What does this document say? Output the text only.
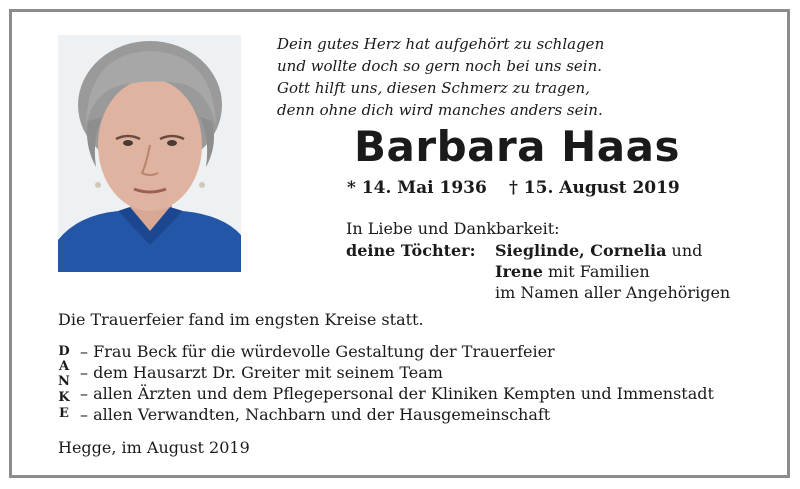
Dein gutes Herz hat aufgehört zu schlagen
und wollte doch so gern noch bei uns sein.
Gott hilft uns, diesen Schmerz zu tragen,
denn ohne dich wird manches anders sein.
Barbara Haas
* 14. Mai 1936 † 15. August 2019
In Liebe und Dankbarkeit:
deine Töchter: Sieglinde, Cornelia und
Irene mit Familien
im Namen aller Angehörigen
Die Trauerfeier fand im engsten Kreise statt.
D
A
N
K
E
– Frau Beck für die würdevolle Gestaltung der Trauerfeier
– dem Hausarzt Dr. Greiter mit seinem Team
– allen Ärzten und dem Pflegepersonal der Kliniken Kempten und Immenstadt
– allen Verwandten, Nachbarn und der Hausgemeinschaft
Hegge, im August 2019
